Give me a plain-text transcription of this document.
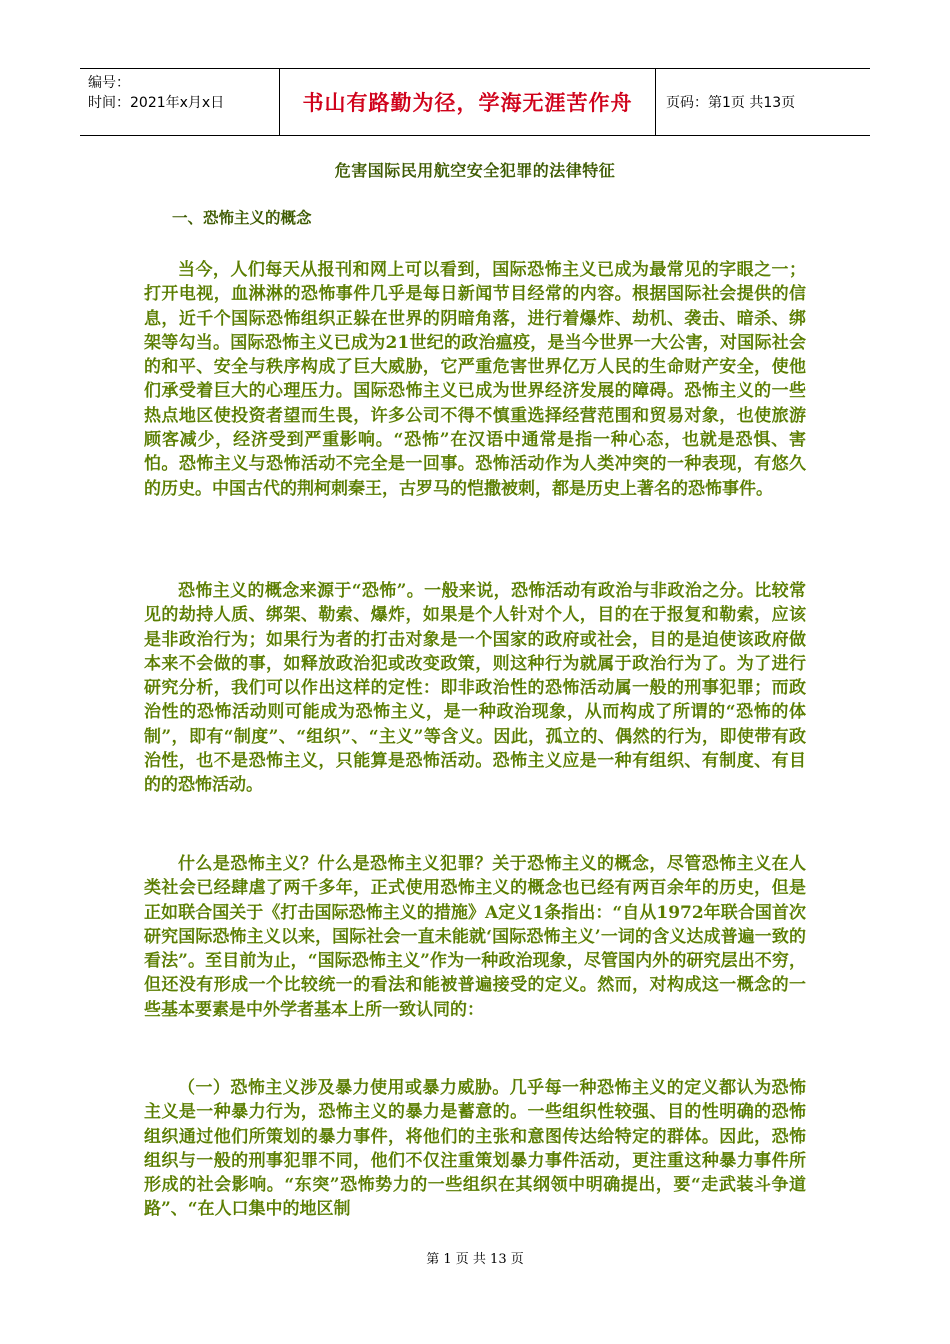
编号：
时间：2021年x月x日	书山有路勤为径，学海无涯苦作舟 页码：第1页 共13页
危害国际民用航空安全犯罪的法律特征
一、恐怖主义的概念

当今，人们每天从报刊和网上可以看到，国际恐怖主义已成为最常见的字眼之一；打开电视，血淋淋的恐怖事件几乎是每日新闻节目经常的内容。根据国际社会提供的信息，近千个国际恐怖组织正躲在世界的阴暗角落，进行着爆炸、劫机、袭击、暗杀、绑架等勾当。国际恐怖主义已成为21世纪的政治瘟疫，是当今世界一大公害，对国际社会的和平、安全与秩序构成了巨大威胁，它严重危害世界亿万人民的生命财产安全，使他们承受着巨大的心理压力。国际恐怖主义已成为世界经济发展的障碍。恐怖主义的一些热点地区使投资者望而生畏，许多公司不得不慎重选择经营范围和贸易对象，也使旅游顾客减少，经济受到严重影响。“恐怖”在汉语中通常是指一种心态，也就是恐惧、害怕。恐怖主义与恐怖活动不完全是一回事。恐怖活动作为人类冲突的一种表现，有悠久的历史。中国古代的荆柯刺秦王，古罗马的恺撒被刺，都是历史上著名的恐怖事件。

恐怖主义的概念来源于“恐怖”。一般来说，恐怖活动有政治与非政治之分。比较常见的劫持人质、绑架、勒索、爆炸，如果是个人针对个人，目的在于报复和勒索，应该是非政治行为；如果行为者的打击对象是一个国家的政府或社会，目的是迫使该政府做本来不会做的事，如释放政治犯或改变政策，则这种行为就属于政治行为了。为了进行研究分析，我们可以作出这样的定性：即非政治性的恐怖活动属一般的刑事犯罪；而政治性的恐怖活动则可能成为恐怖主义，是一种政治现象，从而构成了所谓的“恐怖的体制”，即有“制度”、“组织”、“主义”等含义。因此，孤立的、偶然的行为，即使带有政治性，也不是恐怖主义，只能算是恐怖活动。恐怖主义应是一种有组织、有制度、有目的的恐怖活动。

什么是恐怖主义？什么是恐怖主义犯罪？关于恐怖主义的概念，尽管恐怖主义在人类社会已经肆虐了两千多年，正式使用恐怖主义的概念也已经有两百余年的历史，但是正如联合国关于《打击国际恐怖主义的措施》A定义1条指出：“自从1972年联合国首次研究国际恐怖主义以来，国际社会一直未能就‘国际恐怖主义’一词的含义达成普遍一致的看法”。至目前为止，“国际恐怖主义”作为一种政治现象，尽管国内外的研究层出不穷，但还没有形成一个比较统一的看法和能被普遍接受的定义。然而，对构成这一概念的一些基本要素是中外学者基本上所一致认同的：

（一）恐怖主义涉及暴力使用或暴力威胁。几乎每一种恐怖主义的定义都认为恐怖主义是一种暴力行为，恐怖主义的暴力是蓄意的。一些组织性较强、目的性明确的恐怖组织通过他们所策划的暴力事件，将他们的主张和意图传达给特定的群体。因此，恐怖组织与一般的刑事犯罪不同，他们不仅注重策划暴力事件活动，更注重这种暴力事件所形成的社会影响。“东突”恐怖势力的一些组织在其纲领中明确提出，要“走武装斗争道路”、“在人口集中的地区制

第 1 页 共 13 页
